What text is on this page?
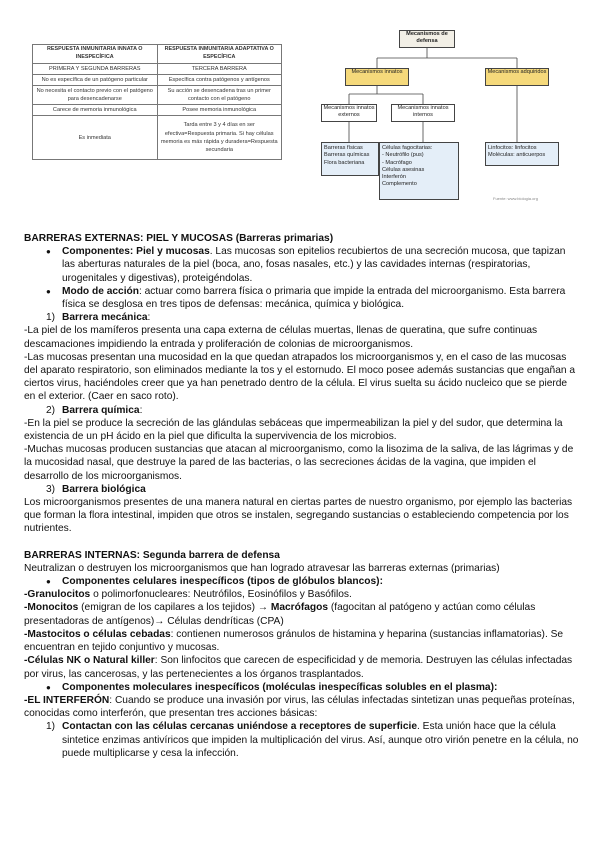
RESPUESTA INMUNITARIA INNATA O INESPECÍFICA	RESPUESTA INMUNITARIA ADAPTATIVA O ESPECÍFICA
PRIMERA Y SEGUNDA BARRERAS	TERCERA BARRERA
No es específica de un patógeno particular	Específica contra patógenos y antígenos
No necesita el contacto previo con el patógeno para desencadenarse	Su acción se desencadena tras un primer contacto con el patógeno
Carece de memoria inmunológica	Posee memoria inmunológica
Es inmediata	Tarda entre 3 y 4 días en ser efectiva=Respuesta primaria. Si hay células memoria es más rápida y duradera=Respuesta secundaria
Mecanismos de defensa
Mecanismos innatos	Mecanismos adquiridos
Mecanismos innatos externos
Mecanismos innatos internos
Barreras físicas
Barreras químicas
Flora bacteriana
Células fagocitarias:
- Neutrófilo (pus)
- Macrófago
Células asesinas
Interferón
Complemento
Linfocitos: linfocitos
Moléculas: anticuerpos
Fuente: www.biologia.org

BARRERAS EXTERNAS: PIEL Y MUCOSAS (Barreras primarias)

● Componentes: Piel y mucosas. Las mucosas son epitelios recubiertos de una secreción mucosa, que tapizan las aberturas naturales de la piel (boca, ano, fosas nasales, etc.) y las cavidades internas (respiratorias, urogenitales y digestivas), proteigéndolas.

● Modo de acción: actuar como barrera física o primaria que impide la entrada del microorganismo. Esta barrera física se desglosa en tres tipos de defensas: mecánica, química y biológica.

1) Barrera mecánica:

-La piel de los mamíferos presenta una capa externa de células muertas, llenas de queratina, que sufre continuas descamaciones impidiendo la entrada y proliferación de colonias de microorganismos.

-Las mucosas presentan una mucosidad en la que quedan atrapados los microorganismos y, en el caso de las mucosas del aparato respiratorio, son eliminados mediante la tos y el estornudo. El moco posee además sustancias que engañan a ciertos virus, haciéndoles creer que ya han penetrado dentro de la célula. El virus suelta su ácido nucleico que se pierde en el exterior. (Caer en saco roto).

2) Barrera química:

-En la piel se produce la secreción de las glándulas sebáceas que impermeabilizan la piel y del sudor, que determina la existencia de un pH ácido en la piel que dificulta la supervivencia de los microbios.

-Muchas mucosas producen sustancias que atacan al microorganismo, como la lisozima de la saliva, de las lágrimas y de la mucosidad nasal, que destruye la pared de las bacterias, o las secreciones ácidas de la vagina, que impiden el desarrollo de los microorganismos.

3) Barrera biológica

Los microorganismos presentes de una manera natural en ciertas partes de nuestro organismo, por ejemplo las bacterias que forman la flora intestinal, impiden que otros se instalen, segregando sustancias o estableciendo competencia por los nutrientes.

BARRERAS INTERNAS: Segunda barrera de defensa

Neutralizan o destruyen los microorganismos que han logrado atravesar las barreras externas (primarias)

● Componentes celulares inespecíficos (tipos de glóbulos blancos):

-Granulocitos o polimorfonucleares: Neutrófilos, Eosinófilos y Basófilos.

-Monocitos (emigran de los capilares a los tejidos) → Macrófagos (fagocitan al patógeno y actúan como células presentadoras de antígenos)→ Células dendríticas (CPA)

-Mastocitos o células cebadas: contienen numerosos gránulos de histamina y heparina (sustancias inflamatorias). Se encuentran en tejido conjuntivo y mucosas.

-Células NK o Natural killer: Son linfocitos que carecen de especificidad y de memoria. Destruyen las células infectadas por virus, las cancerosas, y las pertenecientes a los órganos trasplantados.

● Componentes moleculares inespecíficos (moléculas inespecíficas solubles en el plasma):

-EL INTERFERÓN: Cuando se produce una invasión por virus, las células infectadas sintetizan unas pequeñas proteínas, conocidas como interferón, que presentan tres acciones básicas:

1) Contactan con las células cercanas uniéndose a receptores de superficie. Esta unión hace que la célula sintetice enzimas antivíricos que impiden la multiplicación del virus. Así, aunque otro virión penetre en la célula, no puede multiplicarse y cesa la infección.
